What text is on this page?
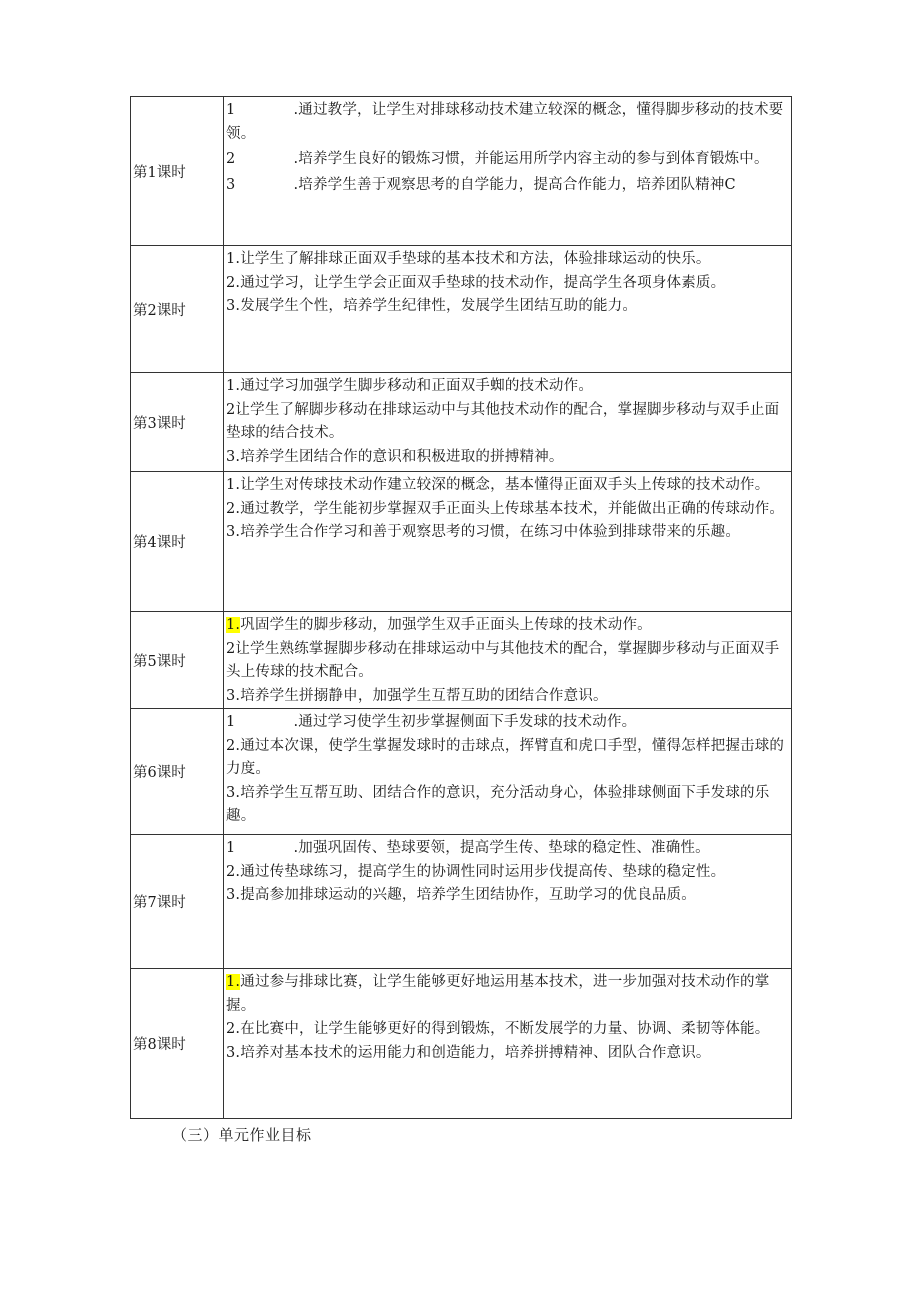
第1课时	1 .通过教学，让学生对排球移动技术建立较深的概念，懂得脚步移动的技术要领。
2 .培养学生良好的锻炼习惯，并能运用所学内容主动的参与到体育锻炼中。
3 .培养学生善于观察思考的自学能力，提高合作能力，培养团队精神C

第2课时	1.让学生了解排球正面双手垫球的基本技术和方法，体验排球运动的快乐。
2.通过学习，让学生学会正面双手垫球的技术动作，提高学生各项身体素质。
3.发展学生个性，培养学生纪律性，发展学生团结互助的能力。

第3课时	1.通过学习加强学生脚步移动和正面双手蜘的技术动作。
2让学生了解脚步移动在排球运动中与其他技术动作的配合，掌握脚步移动与双手止面垫球的结合技术。
3.培养学生团结合作的意识和积极进取的拼搏精神。

第4课时	1.让学生对传球技术动作建立较深的概念，基本懂得正面双手头上传球的技术动作。
2.通过教学，学生能初步掌握双手正面头上传球基本技术，并能做出正确的传球动作。
3.培养学生合作学习和善于观察思考的习惯，在练习中体验到排球带来的乐趣。

第5课时	1.巩固学生的脚步移动，加强学生双手正面头上传球的技术动作。
2让学生熟练掌握脚步移动在排球运动中与其他技术的配合，掌握脚步移动与正面双手头上传球的技术配合。
3.培养学生拼搦静申，加强学生互帮互助的团结合作意识。

第6课时	1 .通过学习使学生初步掌握侧面下手发球的技术动作。
2.通过本次课，使学生掌握发球时的击球点，挥臂直和虎口手型，懂得怎样把握击球的力度。
3.培养学生互帮互助、团结合作的意识，充分活动身心，体验排球侧面下手发球的乐趣。

第7课时	1 .加强巩固传、垫球要领，提高学生传、垫球的稳定性、准确性。
2.通过传垫球练习，提高学生的协调性同时运用步伐提高传、垫球的稳定性。
3.提高参加排球运动的兴趣，培养学生团结协作，互助学习的优良品质。

第8课时	1.通过参与排球比赛，让学生能够更好地运用基本技术，进一步加强对技术动作的掌握。
2.在比赛中，让学生能够更好的得到锻炼，不断发展学的力量、协调、柔韧等体能。
3.培养对基本技术的运用能力和创造能力，培养拼搏精神、团队合作意识。
（三）单元作业目标
